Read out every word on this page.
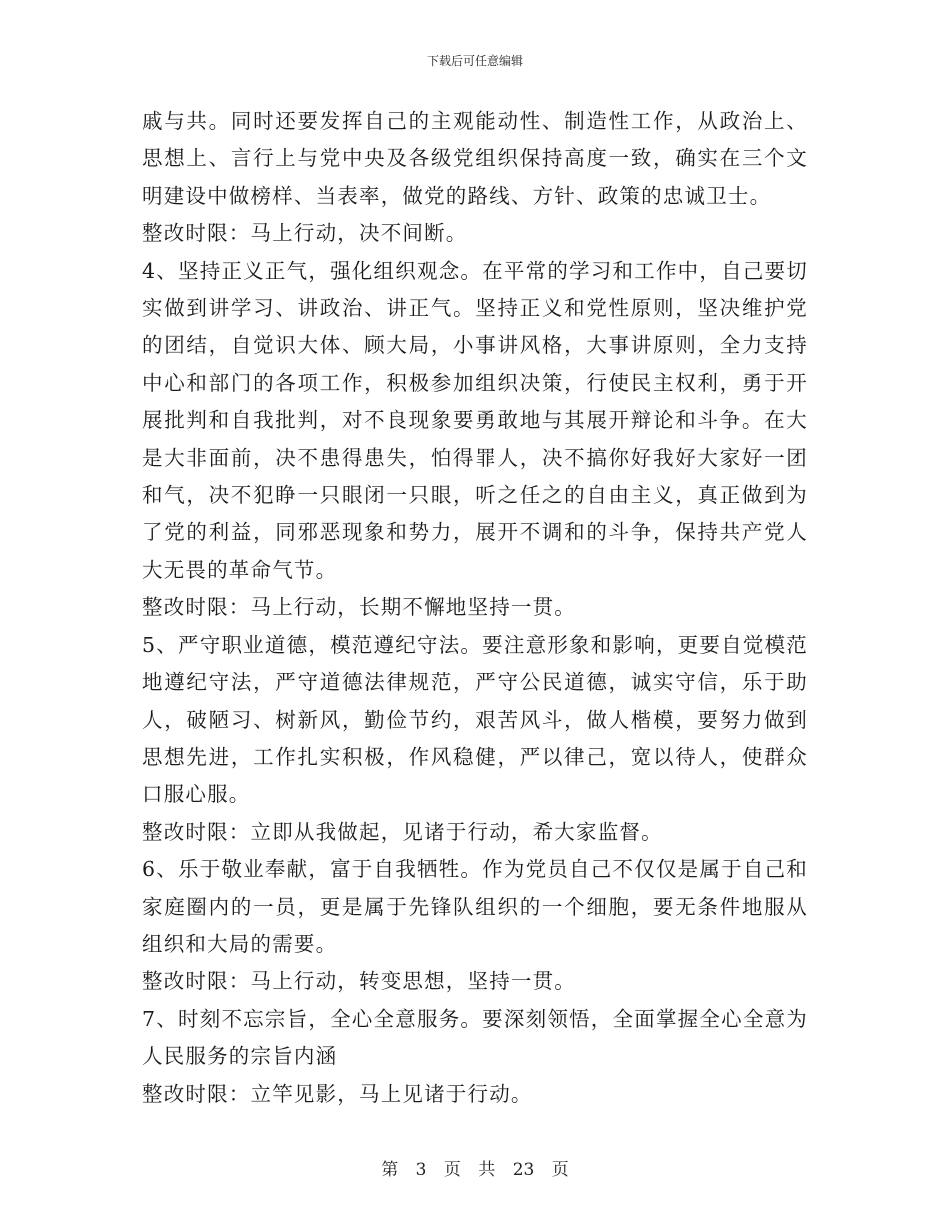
下载后可任意编辑

戚与共。同时还要发挥自己的主观能动性、制造性工作，从政治上、思想上、言行上与党中央及各级党组织保持高度一致，确实在三个文明建设中做榜样、当表率，做党的路线、方针、政策的忠诚卫士。

整改时限：马上行动，决不间断。

4、坚持正义正气，强化组织观念。在平常的学习和工作中，自己要切实做到讲学习、讲政治、讲正气。坚持正义和党性原则，坚决维护党的团结，自觉识大体、顾大局，小事讲风格，大事讲原则，全力支持中心和部门的各项工作，积极参加组织决策，行使民主权利，勇于开展批判和自我批判，对不良现象要勇敢地与其展开辩论和斗争。在大是大非面前，决不患得患失，怕得罪人，决不搞你好我好大家好一团和气，决不犯睁一只眼闭一只眼，听之任之的自由主义，真正做到为了党的利益，同邪恶现象和势力，展开不调和的斗争，保持共产党人大无畏的革命气节。

整改时限：马上行动，长期不懈地坚持一贯。

5、严守职业道德，模范遵纪守法。要注意形象和影响，更要自觉模范地遵纪守法，严守道德法律规范，严守公民道德，诚实守信，乐于助人，破陋习、树新风，勤俭节约，艰苦风斗，做人楷模，要努力做到思想先进，工作扎实积极，作风稳健，严以律己，宽以待人，使群众口服心服。

整改时限：立即从我做起，见诸于行动，希大家监督。

6、乐于敬业奉献，富于自我牺牲。作为党员自己不仅仅是属于自己和家庭圈内的一员，更是属于先锋队组织的一个细胞，要无条件地服从组织和大局的需要。

整改时限：马上行动，转变思想，坚持一贯。

7、时刻不忘宗旨，全心全意服务。要深刻领悟，全面掌握全心全意为人民服务的宗旨内涵

整改时限：立竿见影，马上见诸于行动。

第 3 页 共 23 页
